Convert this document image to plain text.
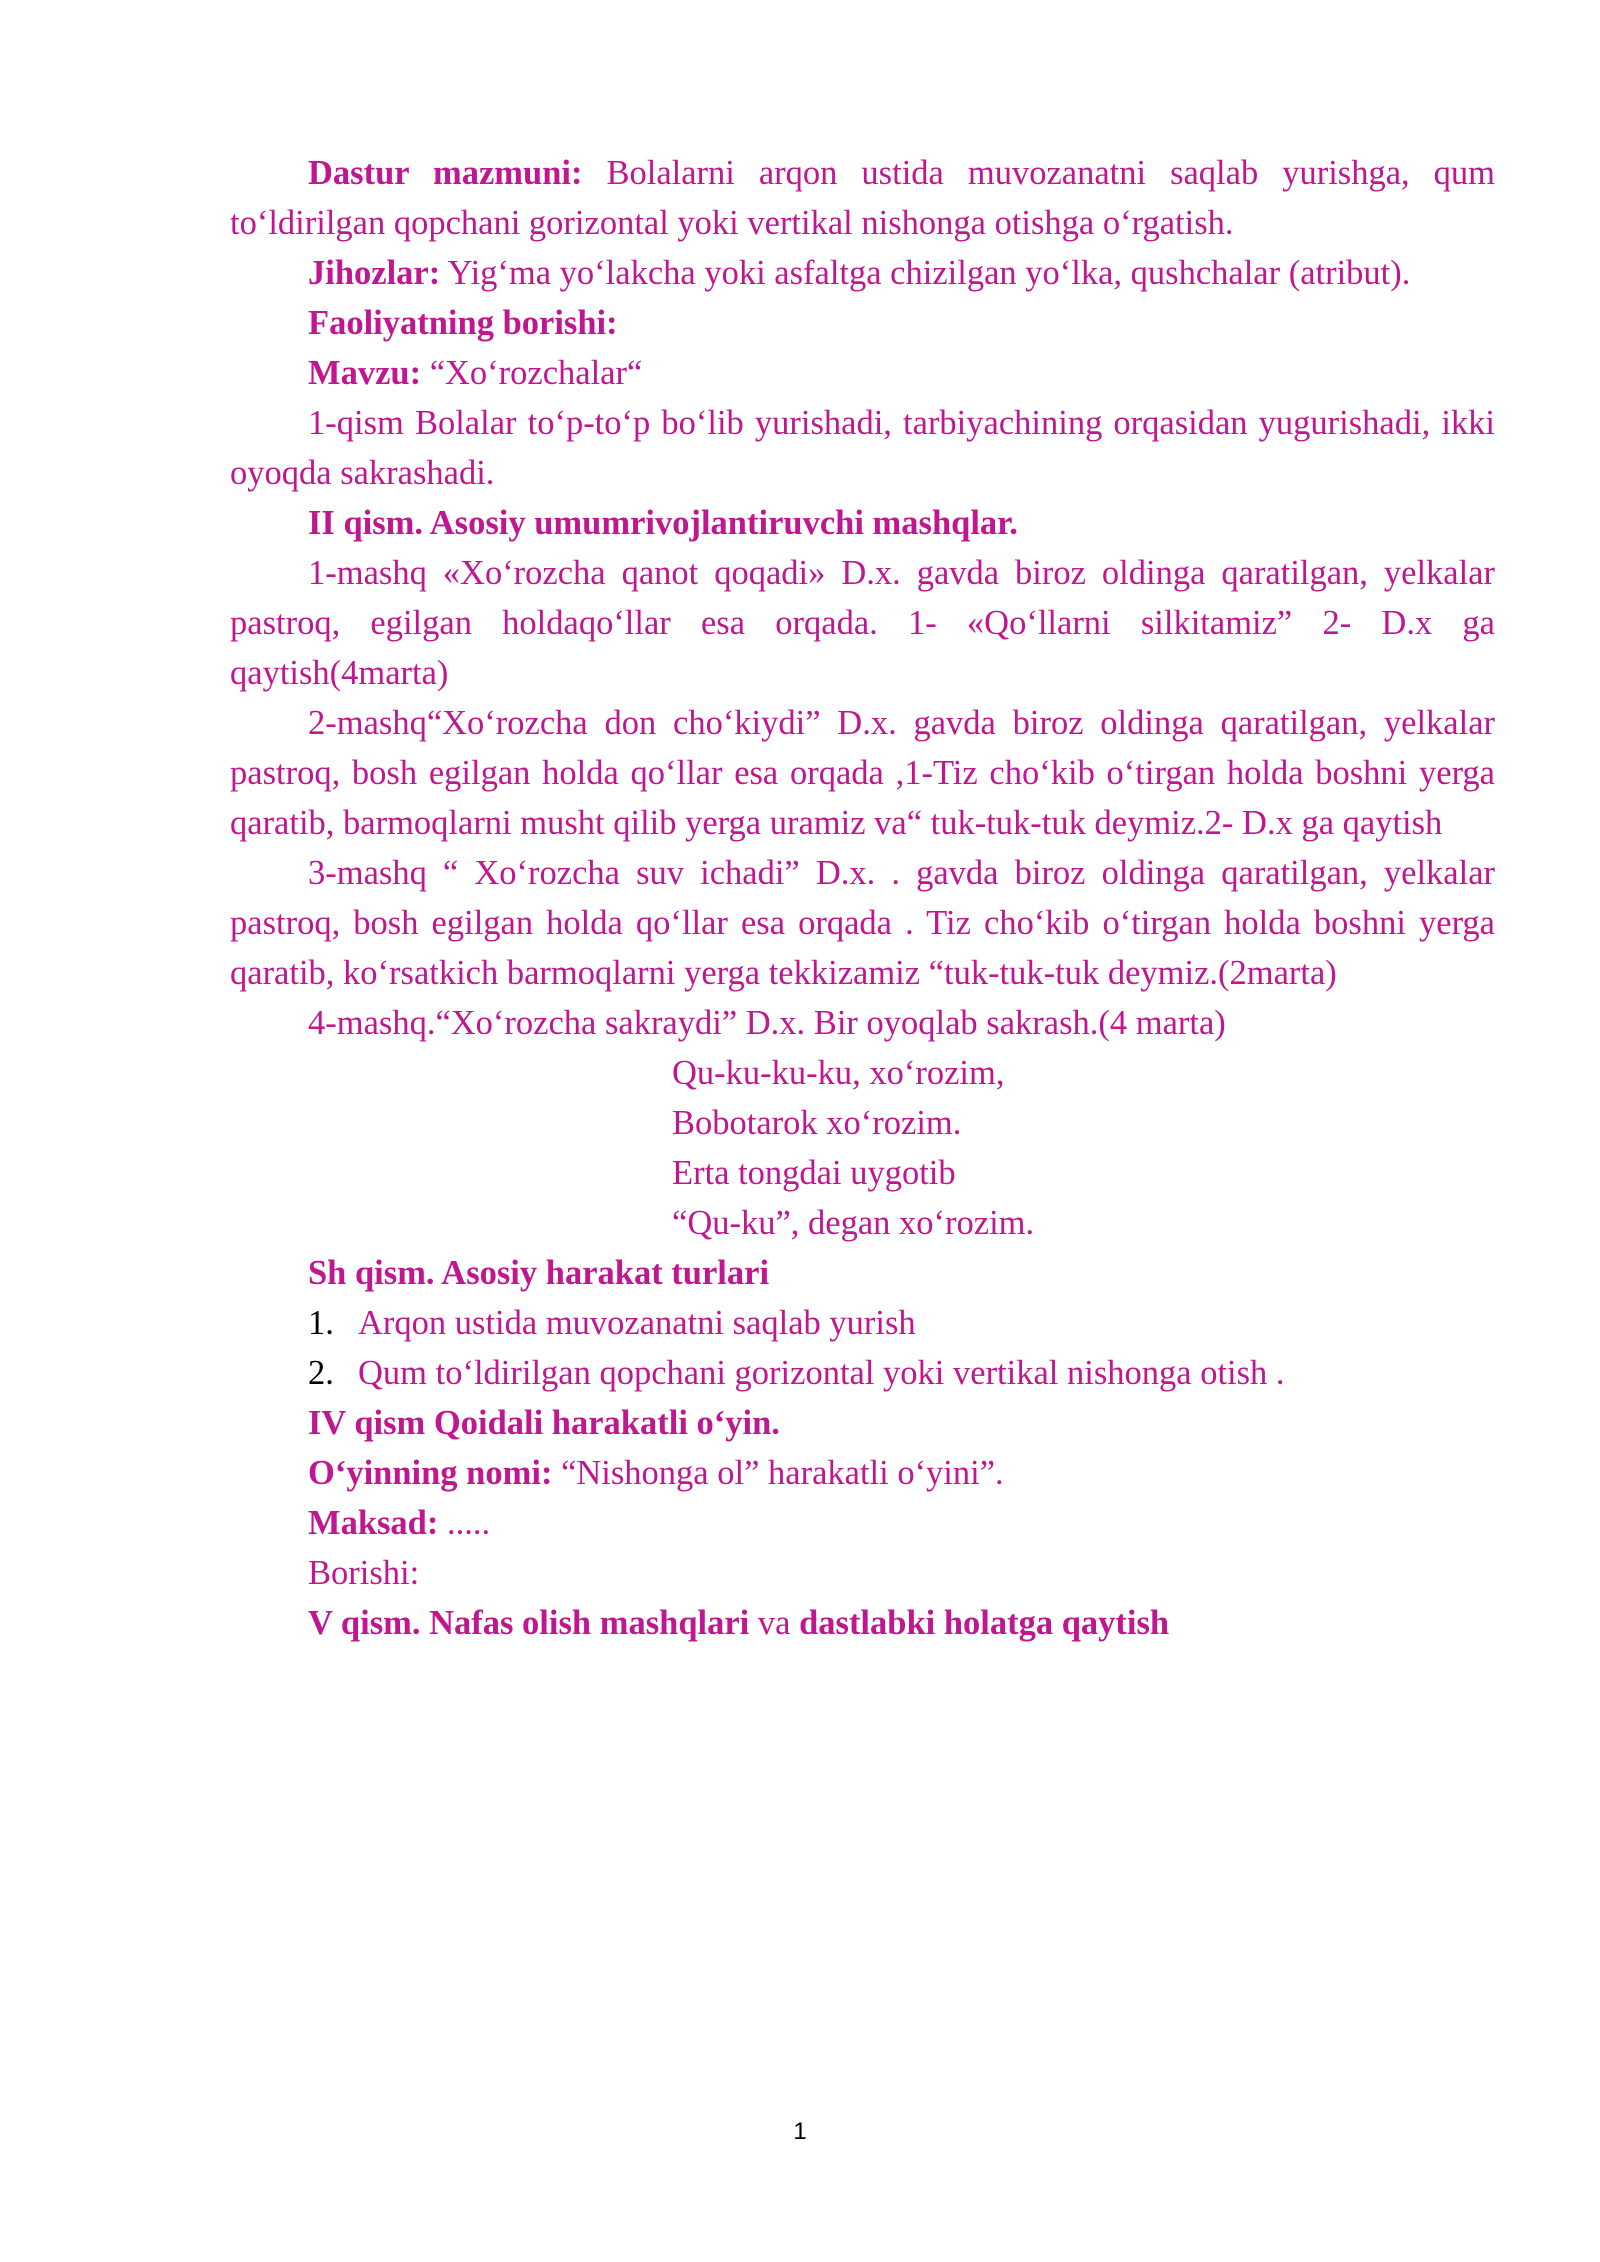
Dastur mazmuni: Bolalarni arqon ustida muvozanatni saqlab yurishga, qum to‘ldirilgan qopchani gorizontal yoki vertikal nishonga otishga o‘rgatish.

Jihozlar: Yig‘ma yo‘lakcha yoki asfaltga chizilgan yo‘lka, qushchalar (atribut).

Faoliyatning borishi:

Mavzu: “Xo‘rozchalar“

1-qism Bolalar to‘p-to‘p bo‘lib yurishadi, tarbiyachining orqasidan yugurishadi, ikki oyoqda sakrashadi.

II qism. Asosiy umumrivojlantiruvchi mashqlar.

1-mashq «Xo‘rozcha qanot qoqadi» D.x. gavda biroz oldinga qaratilgan, yelkalar pastroq, egilgan holdaqo‘llar esa orqada. 1- «Qo‘llarni silkitamiz” 2- D.x ga qaytish(4marta)

2-mashq“Xo‘rozcha don cho‘kiydi” D.x. gavda biroz oldinga qaratilgan, yelkalar pastroq, bosh egilgan holda qo‘llar esa orqada ,1-Tiz cho‘kib o‘tirgan holda boshni yerga qaratib, barmoqlarni musht qilib yerga uramiz va“ tuk-tuk-tuk deymiz.2- D.x ga qaytish

3-mashq “ Xo‘rozcha suv ichadi” D.x. . gavda biroz oldinga qaratilgan, yelkalar pastroq, bosh egilgan holda qo‘llar esa orqada . Tiz cho‘kib o‘tirgan holda boshni yerga qaratib, ko‘rsatkich barmoqlarni yerga tekkizamiz “tuk-tuk-tuk deymiz.(2marta)

4-mashq.“Xo‘rozcha sakraydi” D.x. Bir oyoqlab sakrash.(4 marta)

Qu-ku-ku-ku, xo‘rozim,
Bobotarok xo‘rozim.
Erta tongdai uygotib
“Qu-ku”, degan xo‘rozim.

Sh qism. Asosiy harakat turlari

1. Arqon ustida muvozanatni saqlab yurish
2. Qum to‘ldirilgan qopchani gorizontal yoki vertikal nishonga otish .

IV qism Qoidali harakatli o‘yin.

O‘yinning nomi: “Nishonga ol” harakatli o‘yini”.

Maksad: .....

Borishi:

V qism. Nafas olish mashqlari va dastlabki holatga qaytish

1
